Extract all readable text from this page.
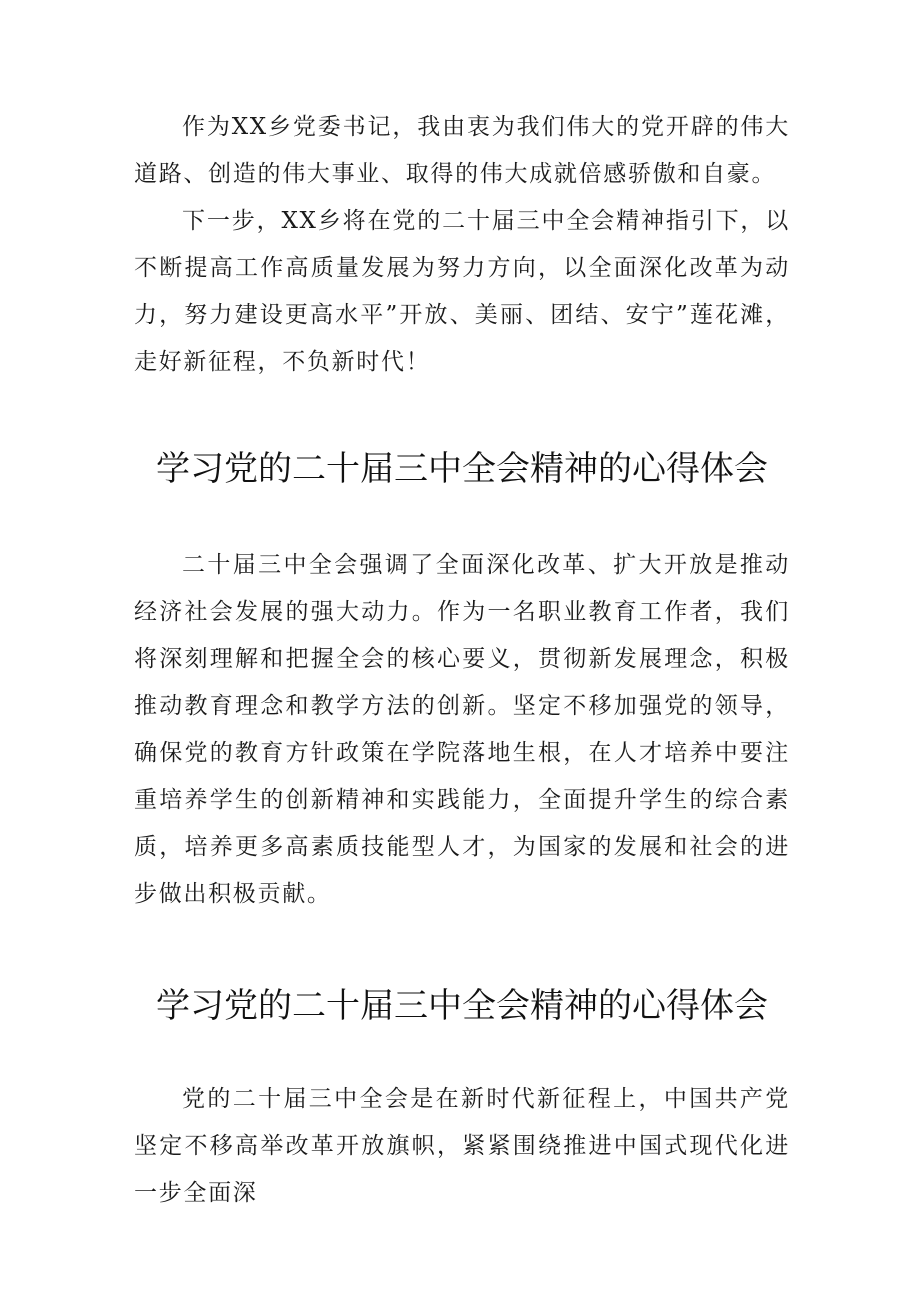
作为XX乡党委书记，我由衷为我们伟大的党开辟的伟大道路、创造的伟大事业、取得的伟大成就倍感骄傲和自豪。

下一步，XX乡将在党的二十届三中全会精神指引下，以不断提高工作高质量发展为努力方向，以全面深化改革为动力，努力建设更高水平”开放、美丽、团结、安宁”莲花滩，走好新征程，不负新时代！

学习党的二十届三中全会精神的心得体会

二十届三中全会强调了全面深化改革、扩大开放是推动经济社会发展的强大动力。作为一名职业教育工作者，我们将深刻理解和把握全会的核心要义，贯彻新发展理念，积极推动教育理念和教学方法的创新。坚定不移加强党的领导，确保党的教育方针政策在学院落地生根，在人才培养中要注重培养学生的创新精神和实践能力，全面提升学生的综合素质，培养更多高素质技能型人才，为国家的发展和社会的进步做出积极贡献。

学习党的二十届三中全会精神的心得体会

党的二十届三中全会是在新时代新征程上，中国共产党坚定不移高举改革开放旗帜，紧紧围绕推进中国式现代化进一步全面深
